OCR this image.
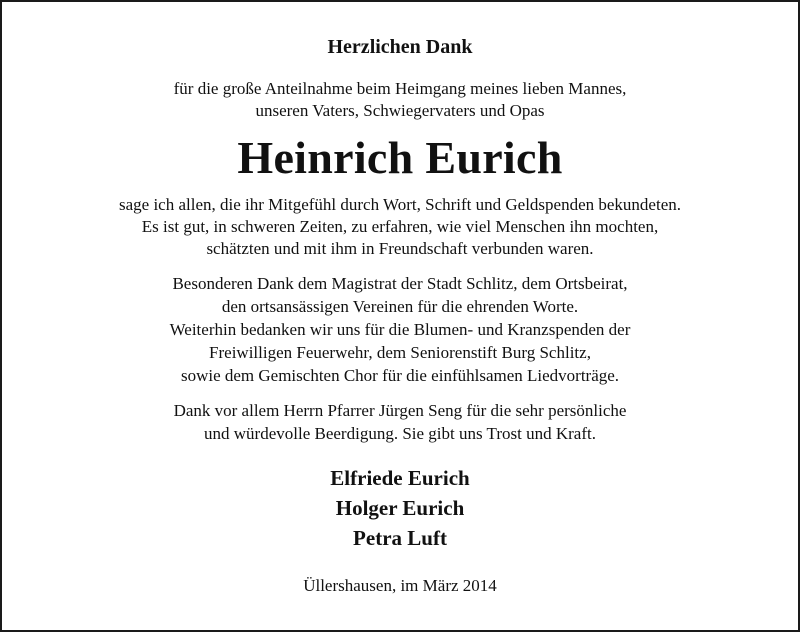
Herzlichen Dank
für die große Anteilnahme beim Heimgang meines lieben Mannes,
unseren Vaters, Schwiegervaters und Opas
Heinrich Eurich
sage ich allen, die ihr Mitgefühl durch Wort, Schrift und Geldspenden bekundeten.
Es ist gut, in schweren Zeiten, zu erfahren, wie viel Menschen ihn mochten,
schätzten und mit ihm in Freundschaft verbunden waren.
Besonderen Dank dem Magistrat der Stadt Schlitz, dem Ortsbeirat,
den ortsansässigen Vereinen für die ehrenden Worte.
Weiterhin bedanken wir uns für die Blumen- und Kranzspenden der
Freiwilligen Feuerwehr, dem Seniorenstift Burg Schlitz,
sowie dem Gemischten Chor für die einfühlsamen Liedvorträge.
Dank vor allem Herrn Pfarrer Jürgen Seng für die sehr persönliche
und würdevolle Beerdigung. Sie gibt uns Trost und Kraft.
Elfriede Eurich
Holger Eurich
Petra Luft
Üllershausen, im März 2014
